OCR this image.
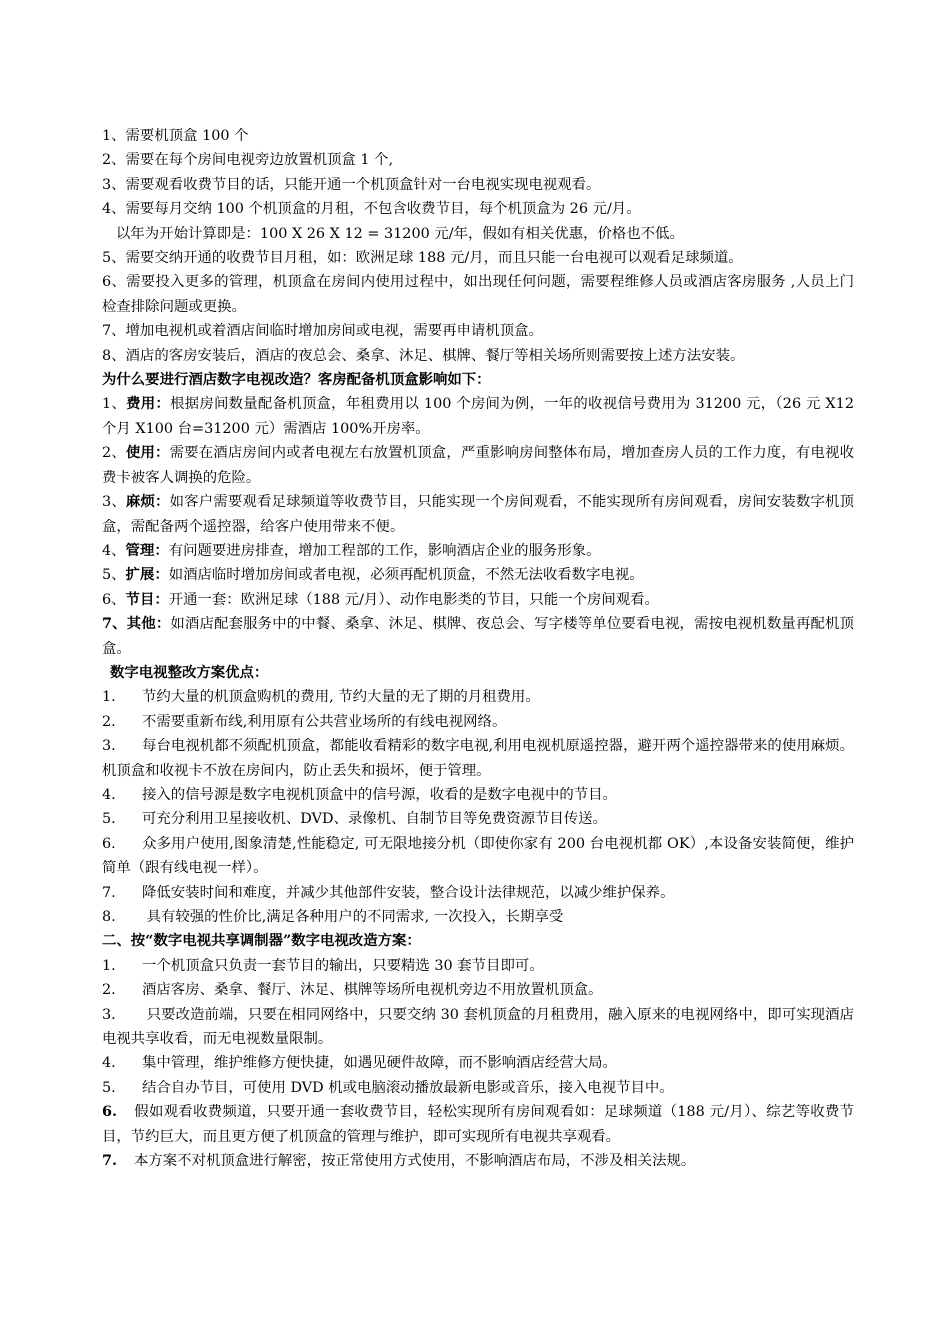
1、需要机顶盒 100 个

2、需要在每个房间电视旁边放置机顶盒 1 个,

3、需要观看收费节目的话，只能开通一个机顶盒针对一台电视实现电视观看。

4、需要每月交纳 100 个机顶盒的月租，不包含收费节目，每个机顶盒为 26 元/月。

以年为开始计算即是：100 X 26 X 12 = 31200 元/年，假如有相关优惠，价格也不低。

5、需要交纳开通的收费节目月租，如：欧洲足球 188 元/月，而且只能一台电视可以观看足球频道。

6、需要投入更多的管理，机顶盒在房间内使用过程中，如出现任何问题，需要程维修人员或酒店客房服务 ,人员上门检查排除问题或更换。

7、增加电视机或着酒店间临时增加房间或电视，需要再申请机顶盒。

8、酒店的客房安装后，酒店的夜总会、桑拿、沐足、棋牌、餐厅等相关场所则需要按上述方法安装。

为什么要进行酒店数字电视改造？客房配备机顶盒影响如下：

1、费用：根据房间数量配备机顶盒，年租费用以 100 个房间为例，一年的收视信号费用为 31200 元，（26 元 X12 个月 X100 台=31200 元）需酒店 100%开房率。

2、使用：需要在酒店房间内或者电视左右放置机顶盒，严重影响房间整体布局，增加查房人员的工作力度，有电视收费卡被客人调换的危险。

3、麻烦：如客户需要观看足球频道等收费节目，只能实现一个房间观看，不能实现所有房间观看，房间安装数字机顶盒，需配备两个遥控器，给客户使用带来不便。

4、管理：有问题要进房排查，增加工程部的工作，影响酒店企业的服务形象。

5、扩展：如酒店临时增加房间或者电视，必须再配机顶盒，不然无法收看数字电视。

6、节目：开通一套：欧洲足球（188 元/月）、动作电影类的节目，只能一个房间观看。

7、其他：如酒店配套服务中的中餐、桑拿、沐足、棋牌、夜总会、写字楼等单位要看电视，需按电视机数量再配机顶盒。

数字电视整改方案优点：

1. 节约大量的机顶盒购机的费用, 节约大量的无了期的月租费用。

2. 不需要重新布线,利用原有公共营业场所的有线电视网络。

3. 每台电视机都不须配机顶盒，都能收看精彩的数字电视,利用电视机原遥控器，避开两个遥控器带来的使用麻烦。机顶盒和收视卡不放在房间内，防止丢失和损坏，便于管理。

4. 接入的信号源是数字电视机顶盒中的信号源，收看的是数字电视中的节目。

5. 可充分利用卫星接收机、DVD、录像机、自制节目等免费资源节目传送。

6. 众多用户使用,图象清楚,性能稳定, 可无限地接分机（即使你家有 200 台电视机都 OK）,本设备安装简便，维护简单（跟有线电视一样）。

7. 降低安装时间和难度，并减少其他部件安装，整合设计法律规范，以减少维护保养。

8. 具有较强的性价比,满足各种用户的不同需求, 一次投入，长期享受

二、按“数字电视共享调制器”数字电视改造方案：

1. 一个机顶盒只负责一套节目的输出，只要精选 30 套节目即可。

2. 酒店客房、桑拿、餐厅、沐足、棋牌等场所电视机旁边不用放置机顶盒。

3. 只要改造前端，只要在相同网络中，只要交纳 30 套机顶盒的月租费用，融入原来的电视网络中，即可实现酒店电视共享收看，而无电视数量限制。

4. 集中管理，维护维修方便快捷，如遇见硬件故障，而不影响酒店经营大局。

5. 结合自办节目，可使用 DVD 机或电脑滚动播放最新电影或音乐，接入电视节目中。

6. 假如观看收费频道，只要开通一套收费节目，轻松实现所有房间观看如：足球频道（188 元/月）、综艺等收费节目，节约巨大，而且更方便了机顶盒的管理与维护，即可实现所有电视共享观看。

7. 本方案不对机顶盒进行解密，按正常使用方式使用，不影响酒店布局，不涉及相关法规。
